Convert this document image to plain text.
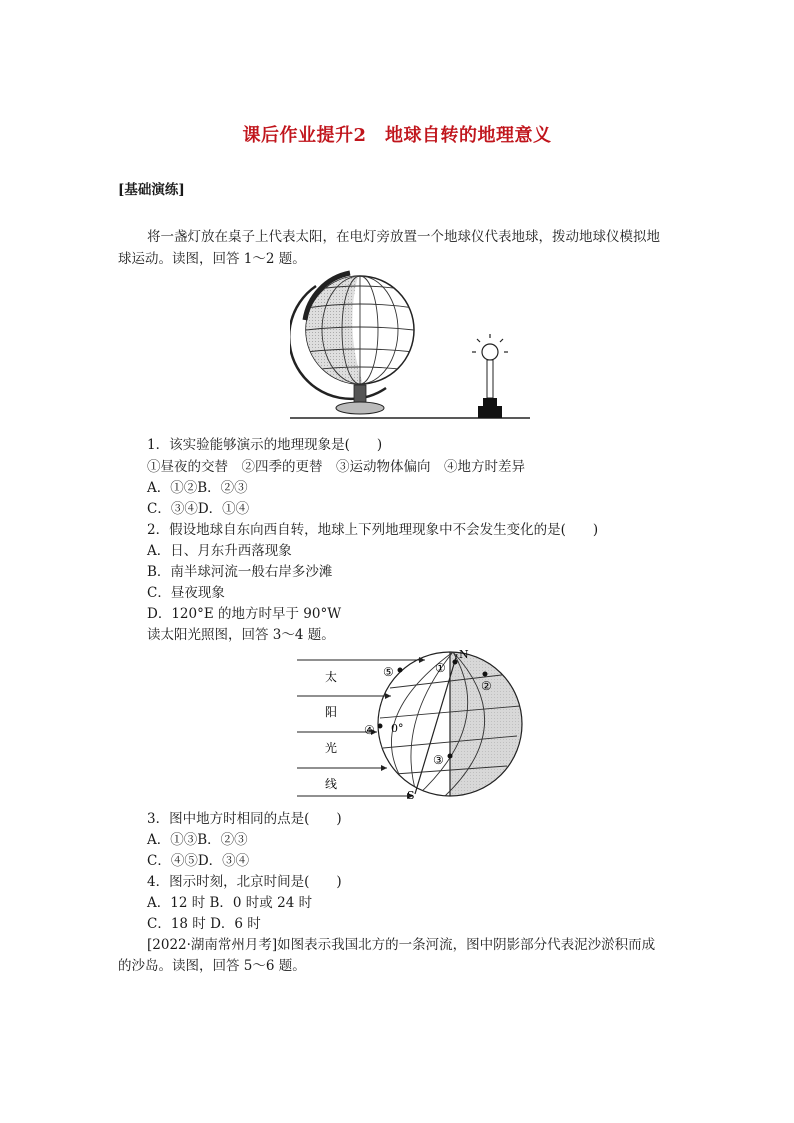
课后作业提升2　地球自转的地理意义
[基础演练]
将一盏灯放在桌子上代表太阳，在电灯旁放置一个地球仪代表地球，拨动地球仪模拟地
球运动。读图，回答 1～2 题。
1．该实验能够演示的地理现象是(　　)
①昼夜的交替　②四季的更替　③运动物体偏向　④地方时差异
A．①②B．②③
C．③④D．①④
2．假设地球自东向西自转，地球上下列地理现象中不会发生变化的是(　　)
A．日、月东升西落现象
B．南半球河流一般右岸多沙滩
C．昼夜现象
D．120°E 的地方时早于 90°W
读太阳光照图，回答 3～4 题。
太
阳
光
线
N
S
0°
①
②
③
④
⑤
3．图中地方时相同的点是(　　)
A．①③B．②③
C．④⑤D．③④
4．图示时刻，北京时间是(　　)
A．12 时 B．0 时或 24 时
C．18 时 D．6 时
[2022·湖南常州月考]如图表示我国北方的一条河流，图中阴影部分代表泥沙淤积而成
的沙岛。读图，回答 5～6 题。
